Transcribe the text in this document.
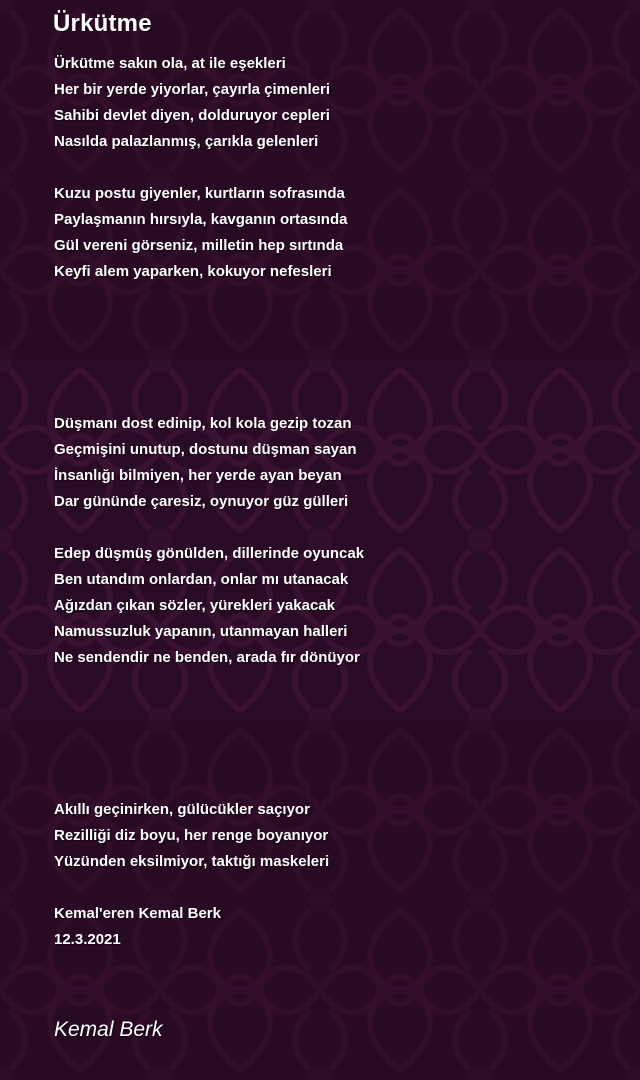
Ürkütme
Ürkütme sakın ola, at ile eşekleri
Her bir yerde yiyorlar, çayırla çimenleri
Sahibi devlet diyen, dolduruyor cepleri
Nasılda palazlanmış, çarıkla gelenleri
Kuzu postu giyenler, kurtların sofrasında
Paylaşmanın hırsıyla, kavganın ortasında
Gül vereni görseniz, milletin hep sırtında
Keyfi alem yaparken, kokuyor nefesleri
Düşmanı dost edinip, kol kola gezip tozan
Geçmişini unutup, dostunu düşman sayan
İnsanlığı bilmiyen, her yerde ayan beyan
Dar gününde çaresiz, oynuyor güz gülleri
Edep düşmüş gönülden, dillerinde oyuncak
Ben utandım onlardan, onlar mı utanacak
Ağızdan çıkan sözler, yürekleri yakacak
Namussuzluk yapanın, utanmayan halleri
Ne sendendir ne benden, arada fır dönüyor
Akıllı geçinirken, gülücükler saçıyor
Rezilliği diz boyu, her renge boyanıyor
Yüzünden eksilmiyor, taktığı maskeleri
Kemal'eren Kemal Berk
12.3.2021
Kemal Berk
